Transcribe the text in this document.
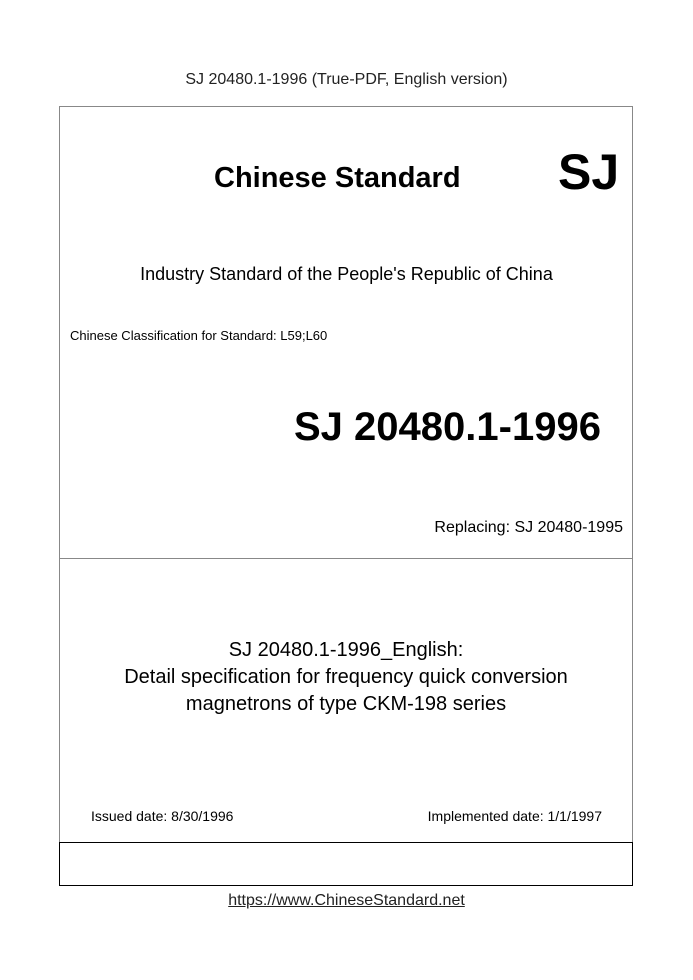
SJ 20480.1-1996 (True-PDF, English version)
Chinese Standard SJ
Industry Standard of the People's Republic of China
Chinese Classification for Standard: L59;L60
SJ 20480.1-1996
Replacing: SJ 20480-1995
SJ 20480.1-1996_English:
Detail specification for frequency quick conversion
magnetrons of type CKM-198 series
Issued date: 8/30/1996	Implemented date: 1/1/1997
https://www.ChineseStandard.net
